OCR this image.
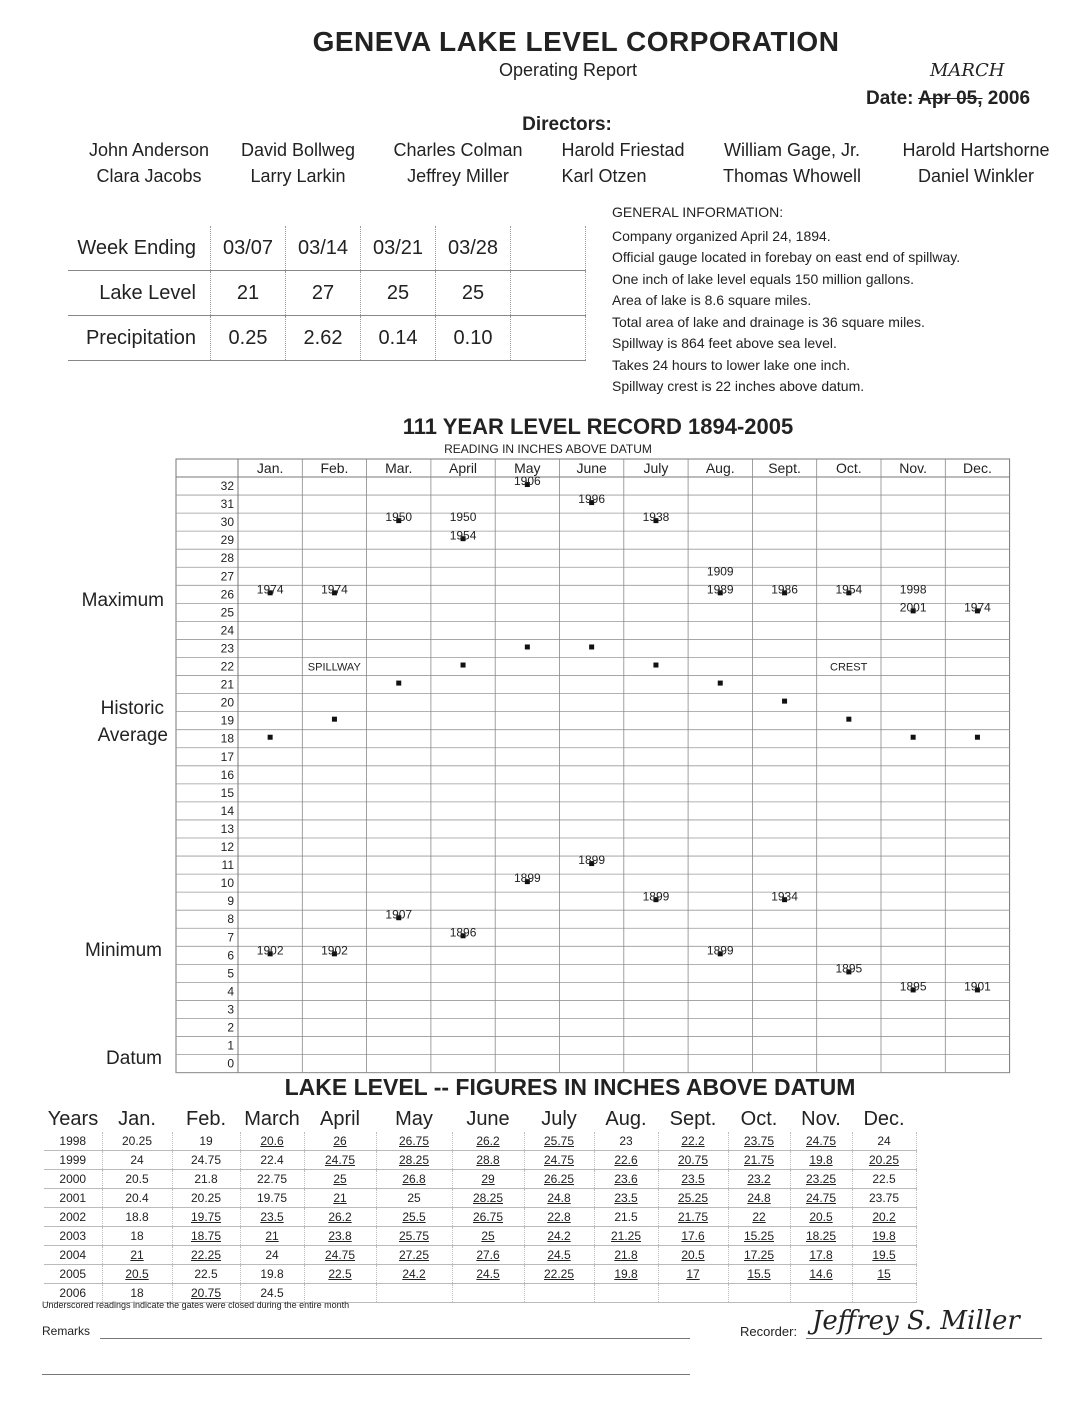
GENEVA LAKE LEVEL CORPORATION
Operating Report	MARCH
Date: Apr 05, 2006
Directors:
John Anderson	David Bollweg	Charles Colman	Harold Friestad	William Gage, Jr.	Harold Hartshorne
Clara Jacobs	Larry Larkin	Jeffrey Miller	Karl Otzen	Thomas Whowell	Daniel Winkler
Week Ending	03/07	03/14	03/21	03/28	
Lake Level	21	27	25	25	
Precipitation	0.25	2.62	0.14	0.10	
GENERAL INFORMATION:
Company organized April 24, 1894.
Official gauge located in forebay on east end of spillway.
One inch of lake level equals 150 million gallons.
Area of lake is 8.6 square miles.
Total area of lake and drainage is 36 square miles.
Spillway is 864 feet above sea level.
Takes 24 hours to lower lake one inch.
Spillway crest is 22 inches above datum.
111 YEAR LEVEL RECORD 1894-2005
READING IN INCHES ABOVE DATUM
Maximum
Historic
Average
Minimum
Datum
Jan.	Feb.	Mar.	April	May	June	July	Aug. Sept.	Oct.	Nov.	Dec.
32
31
30
29
28
27
26
25
24
23
22
21
20
19
18
17
16
15
14
13
12
11
10
9
8
7
6
5
4
3
2
1
0
SPILLWAY	CREST
1974	1974
1950	1950
1954
1906
1996
1938
1909
1989	1986	1954	1998
2001	1974
1902	1902
1907
1896
1899
1899
1899
1899
1934
1895
1895	1901
LAKE LEVEL -- FIGURES IN INCHES ABOVE DATUM
Years	Jan.	Feb.	March	April	May	June	July	Aug.	Sept.	Oct.	Nov.	Dec.
1998	20.25	19	20.6	26	26.75	26.2	25.75	23	22.2	23.75	24.75	24
1999	24	24.75	22.4	24.75	28.25	28.8	24.75	22.6	20.75	21.75	19.8	20.25
2000	20.5	21.8	22.75	25	26.8	29	26.25	23.6	23.5	23.2	23.25	22.5
2001	20.4	20.25	19.75	21	25	28.25	24.8	23.5	25.25	24.8	24.75	23.75
2002	18.8	19.75	23.5	26.2	25.5	26.75	22.8	21.5	21.75	22	20.5	20.2
2003	18	18.75	21	23.8	25.75	25	24.2	21.25	17.6	15.25	18.25	19.8
2004	21	22.25	24	24.75	27.25	27.6	24.5	21.8	20.5	17.25	17.8	19.5
2005	20.5	22.5	19.8	22.5	24.2	24.5	22.25	19.8	17	15.5	14.6	15
2006	18	20.75	24.5									
Underscored readings indicate the gates were closed during the entire month
Remarks	Recorder: Jeffrey S. Miller
